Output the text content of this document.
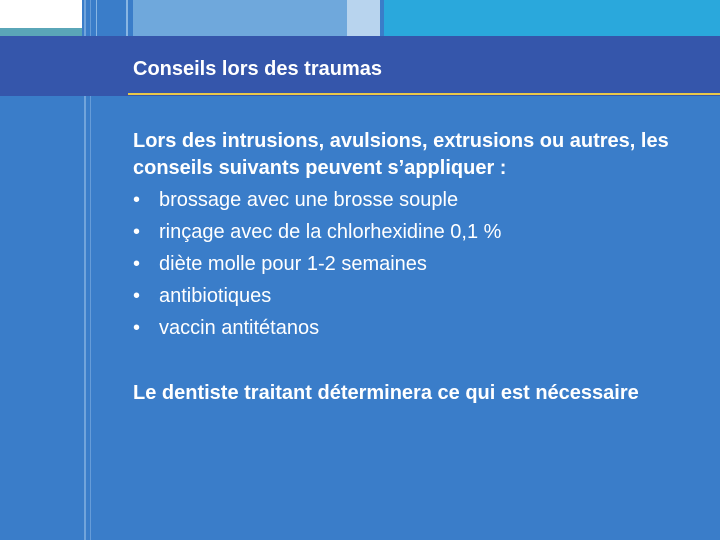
Conseils lors des traumas
Lors des intrusions, avulsions, extrusions ou autres, les conseils suivants peuvent s’appliquer :
• brossage avec une brosse souple
• rinçage avec de la chlorhexidine 0,1 %
• diète molle pour 1-2 semaines
• antibiotiques
• vaccin antitétanos
Le dentiste traitant déterminera ce qui est nécessaire
